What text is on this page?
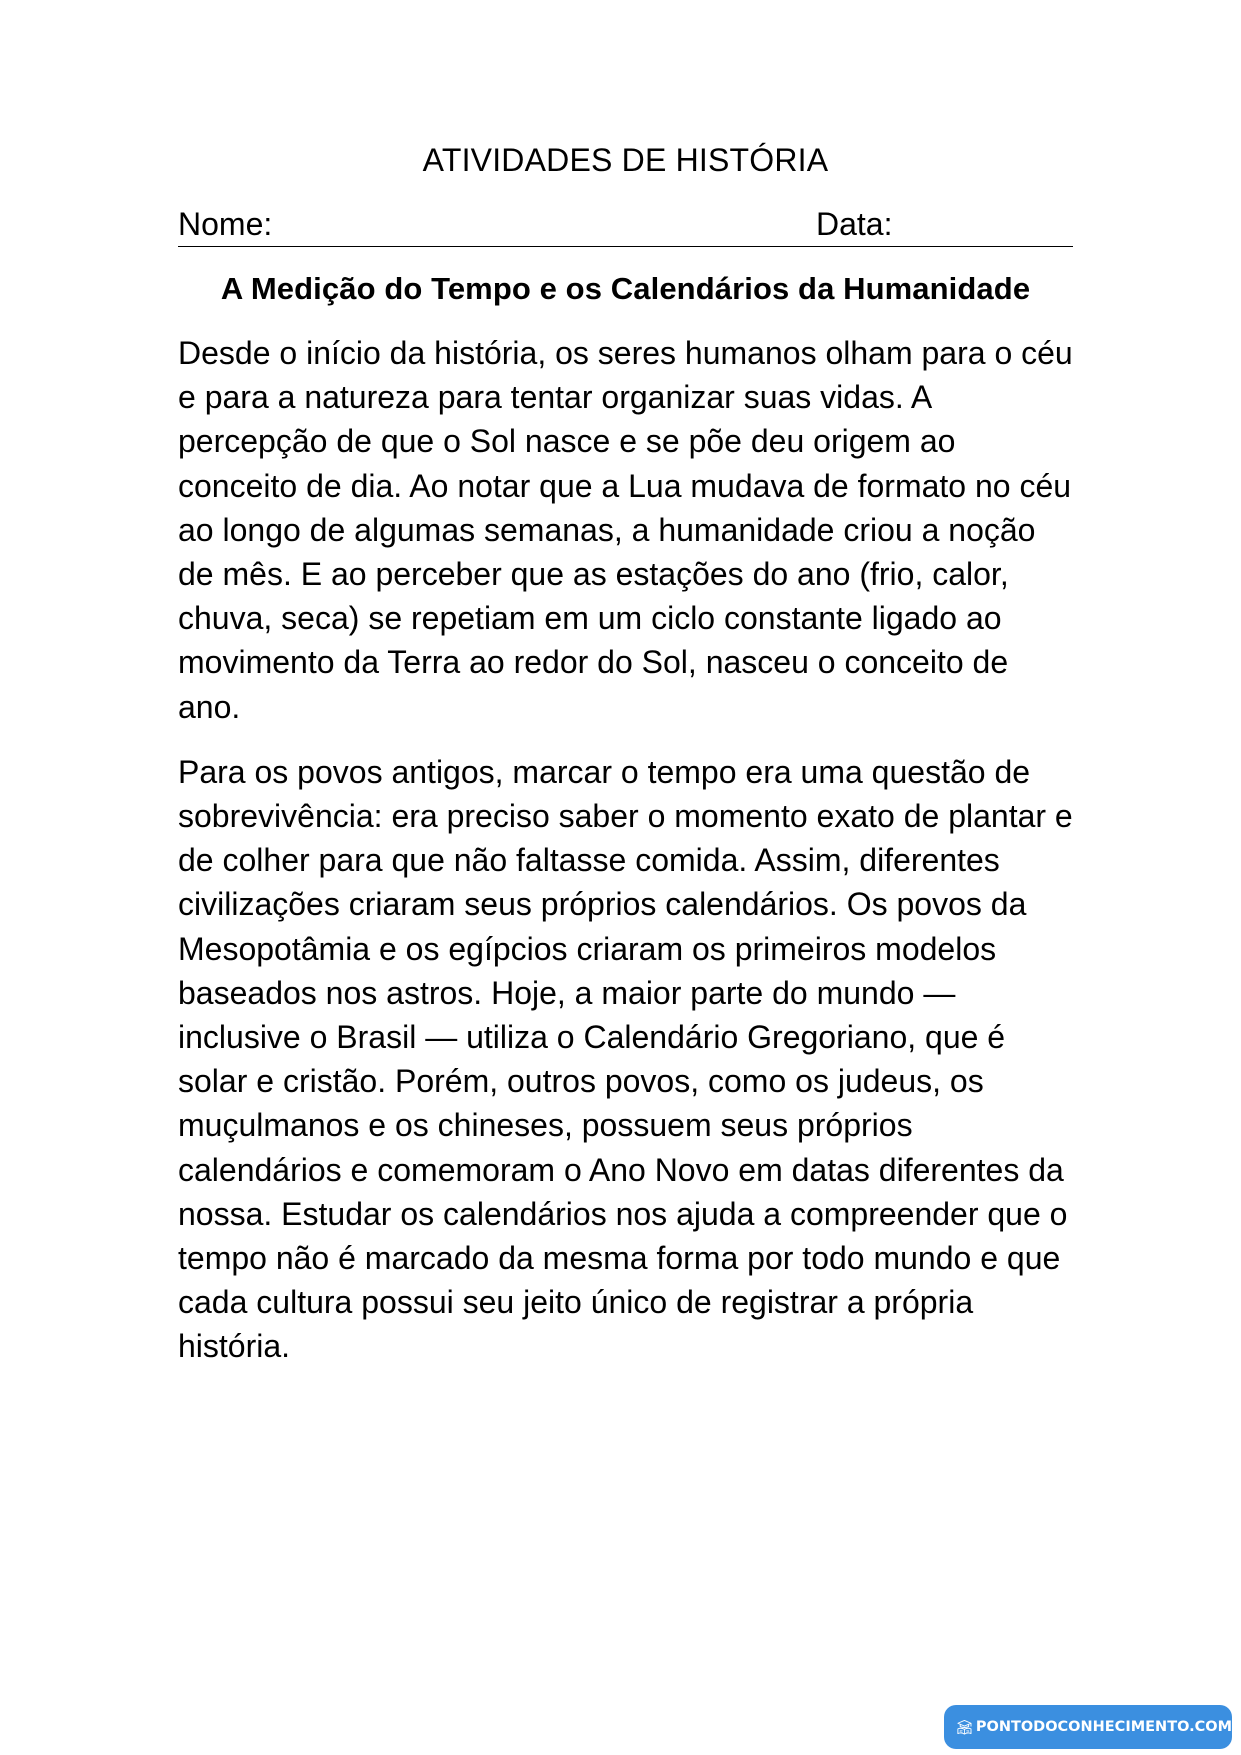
ATIVIDADES DE HISTÓRIA
Nome:	Data:
A Medição do Tempo e os Calendários da Humanidade

Desde o início da história, os seres humanos olham para o céu e para a natureza para tentar organizar suas vidas. A percepção de que o Sol nasce e se põe deu origem ao conceito de dia. Ao notar que a Lua mudava de formato no céu ao longo de algumas semanas, a humanidade criou a noção de mês. E ao perceber que as estações do ano (frio, calor, chuva, seca) se repetiam em um ciclo constante ligado ao movimento da Terra ao redor do Sol, nasceu o conceito de ano.

Para os povos antigos, marcar o tempo era uma questão de sobrevivência: era preciso saber o momento exato de plantar e de colher para que não faltasse comida. Assim, diferentes civilizações criaram seus próprios calendários. Os povos da Mesopotâmia e os egípcios criaram os primeiros modelos baseados nos astros. Hoje, a maior parte do mundo — inclusive o Brasil — utiliza o Calendário Gregoriano, que é solar e cristão. Porém, outros povos, como os judeus, os muçulmanos e os chineses, possuem seus próprios calendários e comemoram o Ano Novo em datas diferentes da nossa. Estudar os calendários nos ajuda a compreender que o tempo não é marcado da mesma forma por todo mundo e que cada cultura possui seu jeito único de registrar a própria história.

PONTODOCONHECIMENTO.COM
